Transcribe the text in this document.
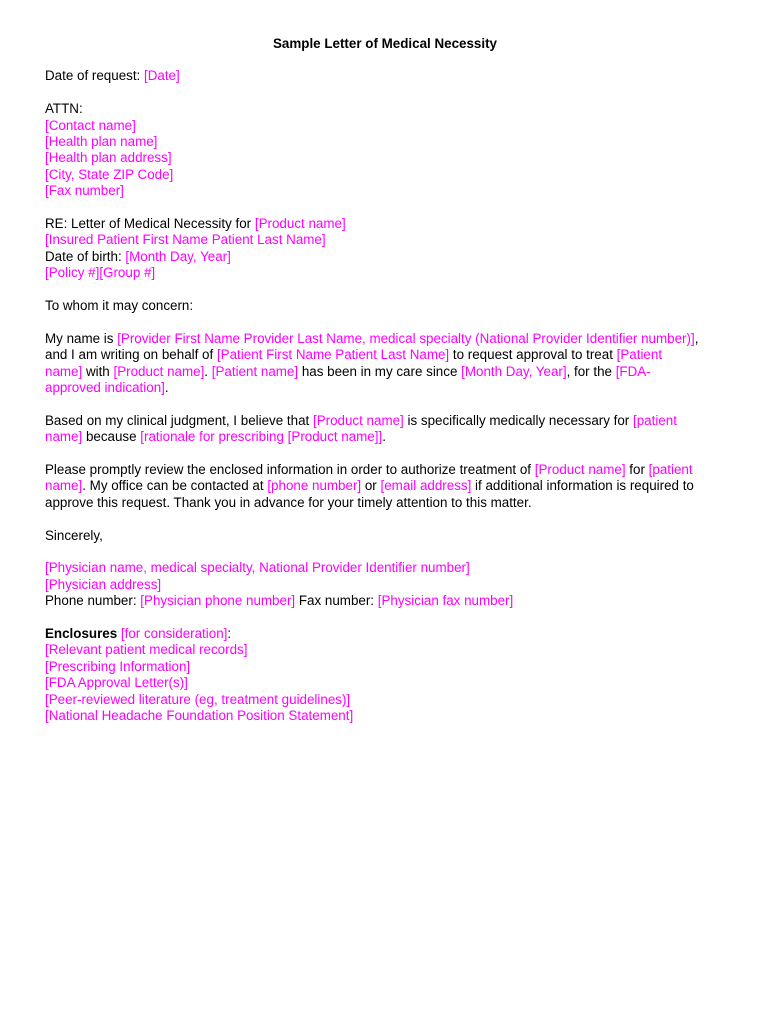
Sample Letter of Medical Necessity
Date of request: [Date]
ATTN:
[Contact name]
[Health plan name]
[Health plan address]
[City, State ZIP Code]
[Fax number]
RE: Letter of Medical Necessity for [Product name]
[Insured Patient First Name Patient Last Name]
Date of birth: [Month Day, Year]
[Policy #][Group #]
To whom it may concern:
My name is [Provider First Name Provider Last Name, medical specialty (National Provider Identifier number)],
and I am writing on behalf of [Patient First Name Patient Last Name] to request approval to treat [Patient
name] with [Product name]. [Patient name] has been in my care since [Month Day, Year], for the [FDA-
approved indication].
Based on my clinical judgment, I believe that [Product name] is specifically medically necessary for [patient
name] because [rationale for prescribing [Product name]].
Please promptly review the enclosed information in order to authorize treatment of [Product name] for [patient
name]. My office can be contacted at [phone number] or [email address] if additional information is required to
approve this request. Thank you in advance for your timely attention to this matter.
Sincerely,
[Physician name, medical specialty, National Provider Identifier number]
[Physician address]
Phone number: [Physician phone number] Fax number: [Physician fax number]
Enclosures [for consideration]:
[Relevant patient medical records]
[Prescribing Information]
[FDA Approval Letter(s)]
[Peer-reviewed literature (eg, treatment guidelines)]
[National Headache Foundation Position Statement]
